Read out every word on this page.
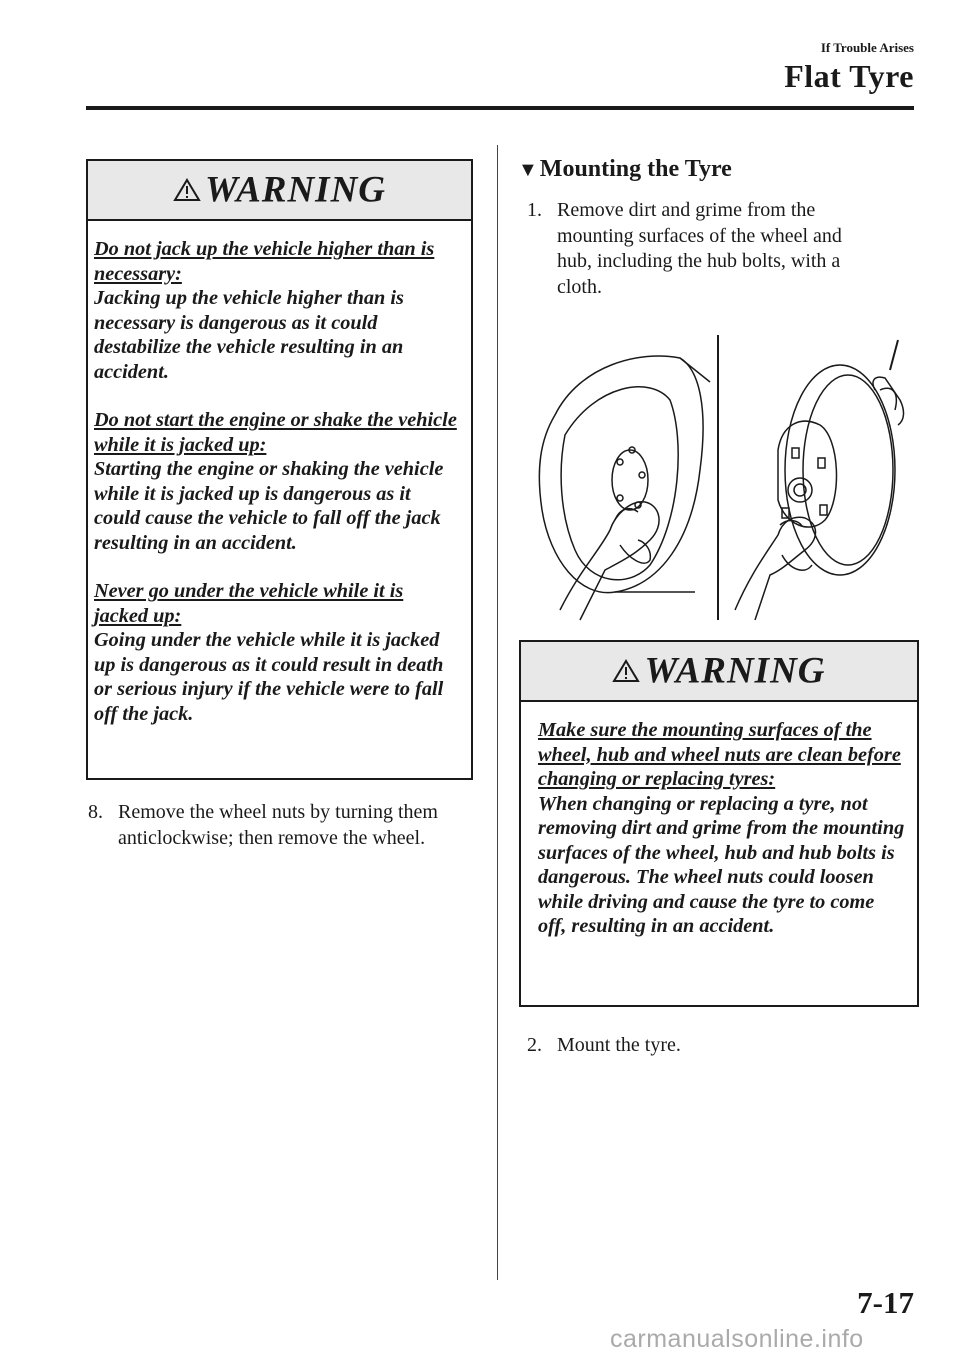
If Trouble Arises
Flat Tyre
WARNING

Do not jack up the vehicle higher than is necessary:

Jacking up the vehicle higher than is necessary is dangerous as it could destabilize the vehicle resulting in an accident.

Do not start the engine or shake the vehicle while it is jacked up:

Starting the engine or shaking the vehicle while it is jacked up is dangerous as it could cause the vehicle to fall off the jack resulting in an accident.

Never go under the vehicle while it is jacked up:

Going under the vehicle while it is jacked up is dangerous as it could result in death or serious injury if the vehicle were to fall off the jack.

8. Remove the wheel nuts by turning them anticlockwise; then remove the wheel.
▼Mounting the Tyre
1. Remove dirt and grime from the mounting surfaces of the wheel and hub, including the hub bolts, with a cloth.
WARNING

Make sure the mounting surfaces of the wheel, hub and wheel nuts are clean before changing or replacing tyres:

When changing or replacing a tyre, not removing dirt and grime from the mounting surfaces of the wheel, hub and hub bolts is dangerous. The wheel nuts could loosen while driving and cause the tyre to come off, resulting in an accident.

2. Mount the tyre.
7-17
carmanualsonline.info
